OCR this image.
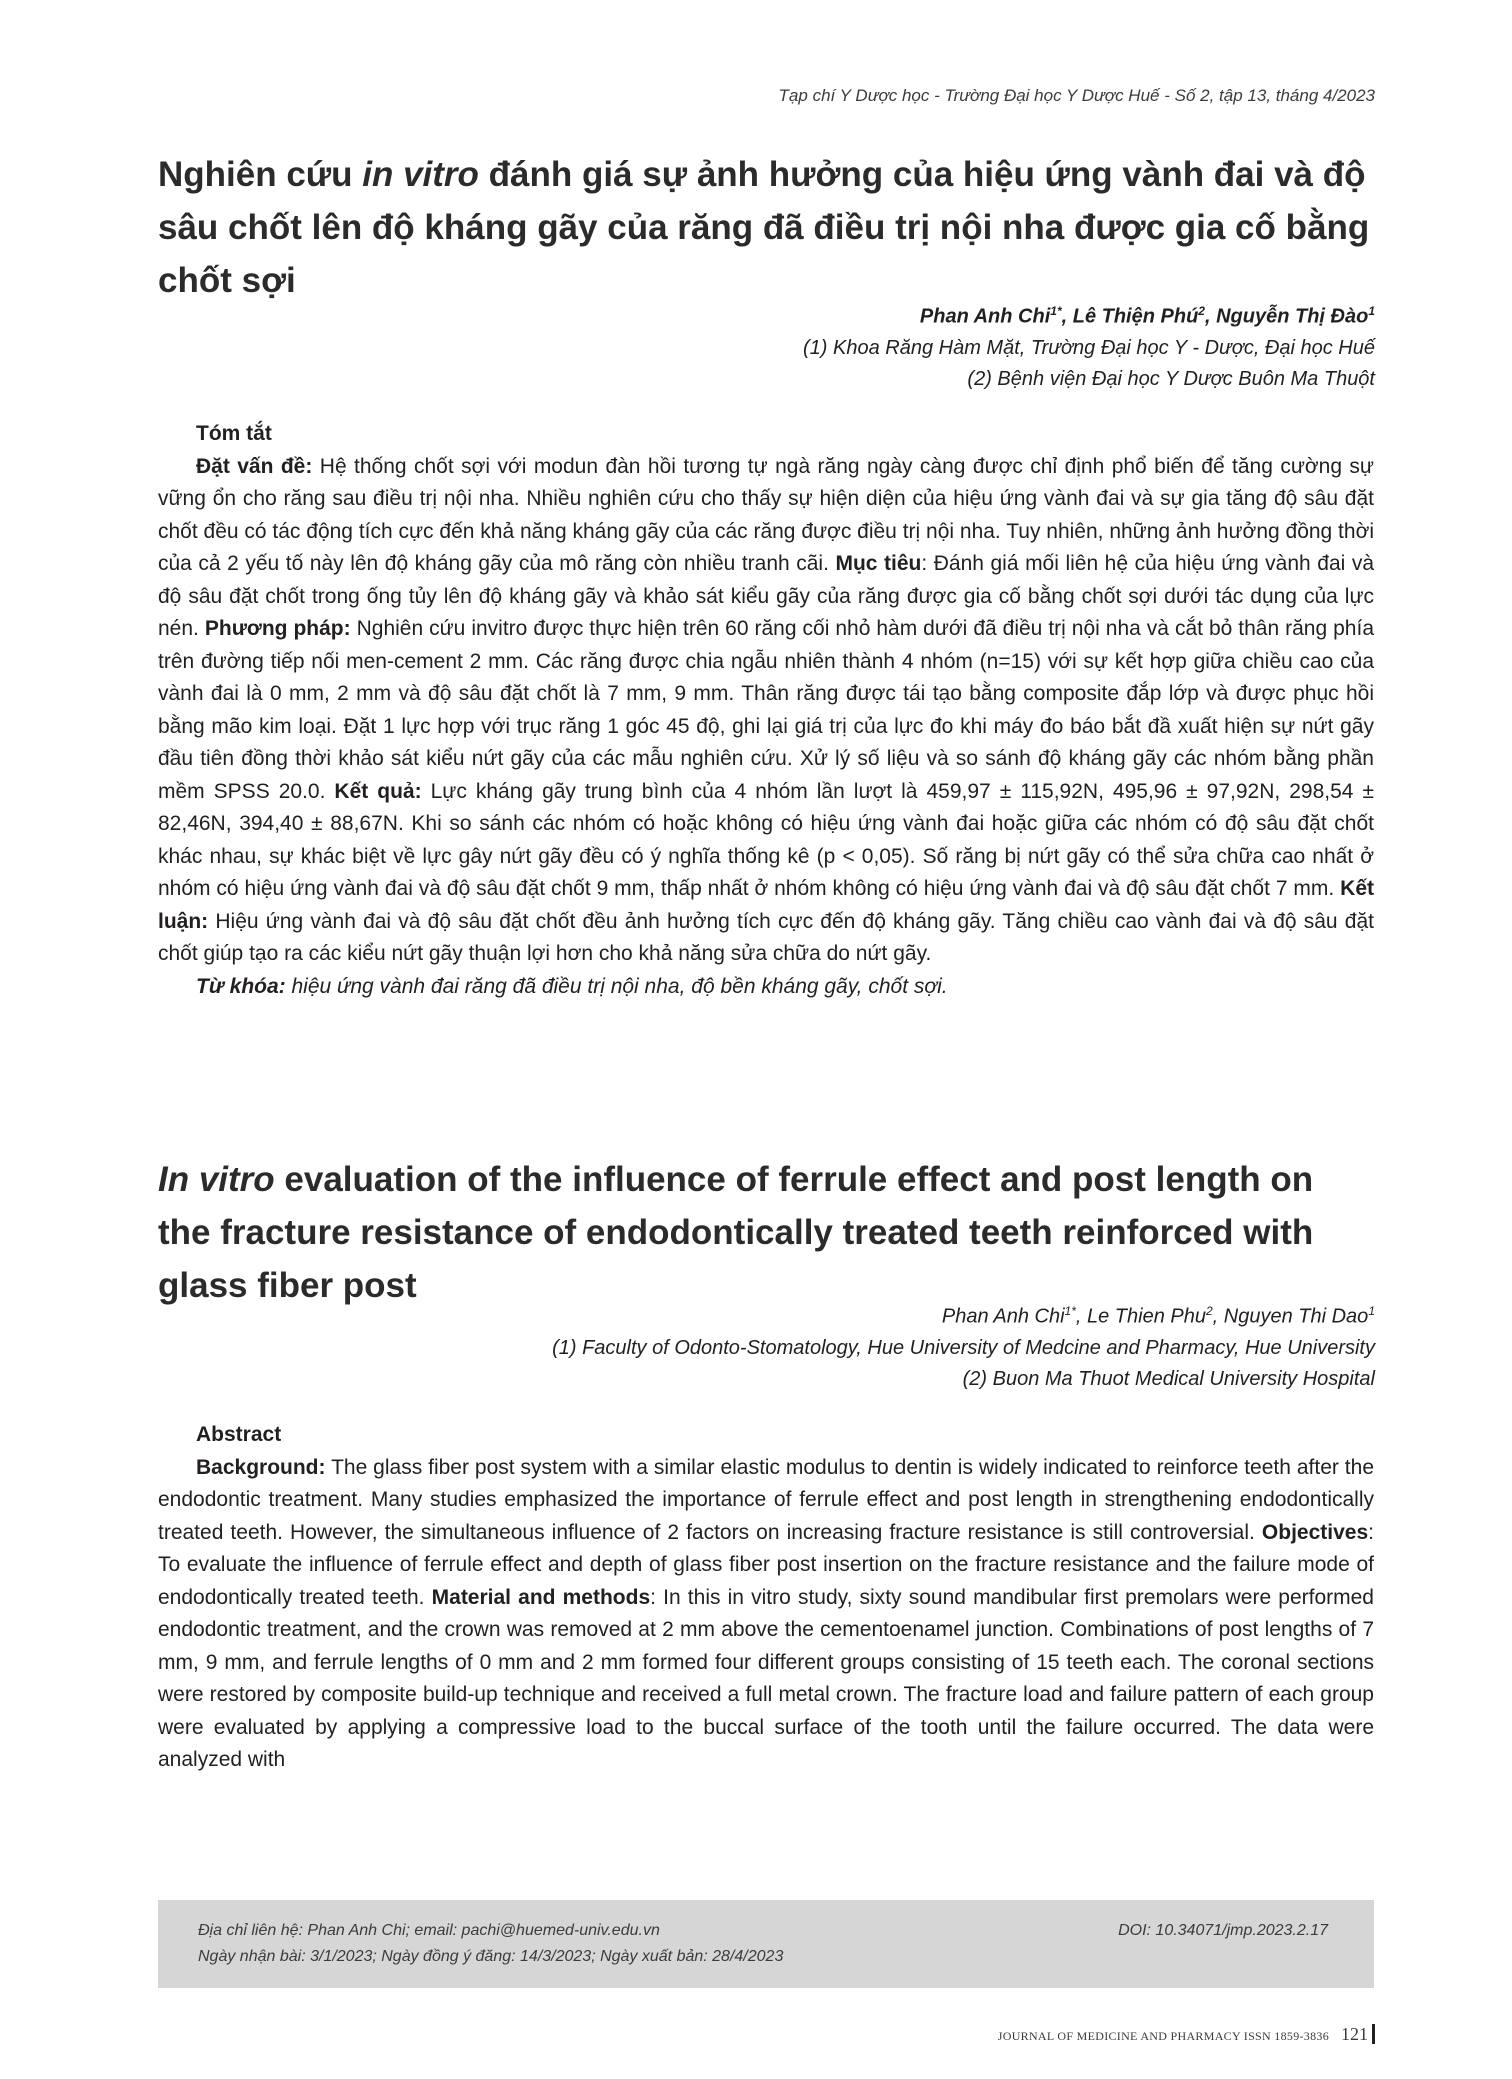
Tạp chí Y Dược học - Trường Đại học Y Dược Huế - Số 2, tập 13, tháng 4/2023
Nghiên cứu in vitro đánh giá sự ảnh hưởng của hiệu ứng vành đai và độ sâu chốt lên độ kháng gãy của răng đã điều trị nội nha được gia cố bằng chốt sợi
Phan Anh Chi$^{1*}$, Lê Thiện Phú$^2$, Nguyễn Thị Đào$^1$
(1) Khoa Răng Hàm Mặt, Trường Đại học Y - Dược, Đại học Huế
(2) Bệnh viện Đại học Y Dược Buôn Ma Thuột

Tóm tắt

Đặt vấn đề: Hệ thống chốt sợi với modun đàn hồi tương tự ngà răng ngày càng được chỉ định phổ biến để tăng cường sự vững ổn cho răng sau điều trị nội nha. Nhiều nghiên cứu cho thấy sự hiện diện của hiệu ứng vành đai và sự gia tăng độ sâu đặt chốt đều có tác động tích cực đến khả năng kháng gãy của các răng được điều trị nội nha. Tuy nhiên, những ảnh hưởng đồng thời của cả 2 yếu tố này lên độ kháng gãy của mô răng còn nhiều tranh cãi. Mục tiêu: Đánh giá mối liên hệ của hiệu ứng vành đai và độ sâu đặt chốt trong ống tủy lên độ kháng gãy và khảo sát kiểu gãy của răng được gia cố bằng chốt sợi dưới tác dụng của lực nén. Phương pháp: Nghiên cứu invitro được thực hiện trên 60 răng cối nhỏ hàm dưới đã điều trị nội nha và cắt bỏ thân răng phía trên đường tiếp nối men-cement 2 mm. Các răng được chia ngẫu nhiên thành 4 nhóm (n=15) với sự kết hợp giữa chiều cao của vành đai là 0 mm, 2 mm và độ sâu đặt chốt là 7 mm, 9 mm. Thân răng được tái tạo bằng composite đắp lớp và được phục hồi bằng mão kim loại. Đặt 1 lực hợp với trục răng 1 góc 45 độ, ghi lại giá trị của lực đo khi máy đo báo bắt đầ xuất hiện sự nứt gãy đầu tiên đồng thời khảo sát kiểu nứt gãy của các mẫu nghiên cứu. Xử lý số liệu và so sánh độ kháng gãy các nhóm bằng phần mềm SPSS 20.0. Kết quả: Lực kháng gãy trung bình của 4 nhóm lần lượt là 459,97 ± 115,92N, 495,96 ± 97,92N, 298,54 ± 82,46N, 394,40 ± 88,67N. Khi so sánh các nhóm có hoặc không có hiệu ứng vành đai hoặc giữa các nhóm có độ sâu đặt chốt khác nhau, sự khác biệt về lực gây nứt gãy đều có ý nghĩa thống kê (p < 0,05). Số răng bị nứt gãy có thể sửa chữa cao nhất ở nhóm có hiệu ứng vành đai và độ sâu đặt chốt 9 mm, thấp nhất ở nhóm không có hiệu ứng vành đai và độ sâu đặt chốt 7 mm. Kết luận: Hiệu ứng vành đai và độ sâu đặt chốt đều ảnh hưởng tích cực đến độ kháng gãy. Tăng chiều cao vành đai và độ sâu đặt chốt giúp tạo ra các kiểu nứt gãy thuận lợi hơn cho khả năng sửa chữa do nứt gãy.

Từ khóa: hiệu ứng vành đai răng đã điều trị nội nha, độ bền kháng gãy, chốt sợi.

In vitro evaluation of the influence of ferrule effect and post length on the fracture resistance of endodontically treated teeth reinforced with glass fiber post
Phan Anh Chi$^{1*}$, Le Thien Phu$^2$, Nguyen Thi Dao$^1$
(1) Faculty of Odonto-Stomatology, Hue University of Medcine and Pharmacy, Hue University
(2) Buon Ma Thuot Medical University Hospital

Abstract

Background: The glass fiber post system with a similar elastic modulus to dentin is widely indicated to reinforce teeth after the endodontic treatment. Many studies emphasized the importance of ferrule effect and post length in strengthening endodontically treated teeth. However, the simultaneous influence of 2 factors on increasing fracture resistance is still controversial. Objectives: To evaluate the influence of ferrule effect and depth of glass fiber post insertion on the fracture resistance and the failure mode of endodontically treated teeth. Material and methods: In this in vitro study, sixty sound mandibular first premolars were performed endodontic treatment, and the crown was removed at 2 mm above the cementoenamel junction. Combinations of post lengths of 7 mm, 9 mm, and ferrule lengths of 0 mm and 2 mm formed four different groups consisting of 15 teeth each. The coronal sections were restored by composite build-up technique and received a full metal crown. The fracture load and failure pattern of each group were evaluated by applying a compressive load to the buccal surface of the tooth until the failure occurred. The data were analyzed with

Địa chỉ liên hệ: Phan Anh Chi; email: pachi@huemed-univ.edu.vn
Ngày nhận bài: 3/1/2023; Ngày đồng ý đăng: 14/3/2023; Ngày xuất bản: 28/4/2023
DOI: 10.34071/jmp.2023.2.17
JOURNAL OF MEDICINE AND PHARMACY ISSN 1859-3836 121
